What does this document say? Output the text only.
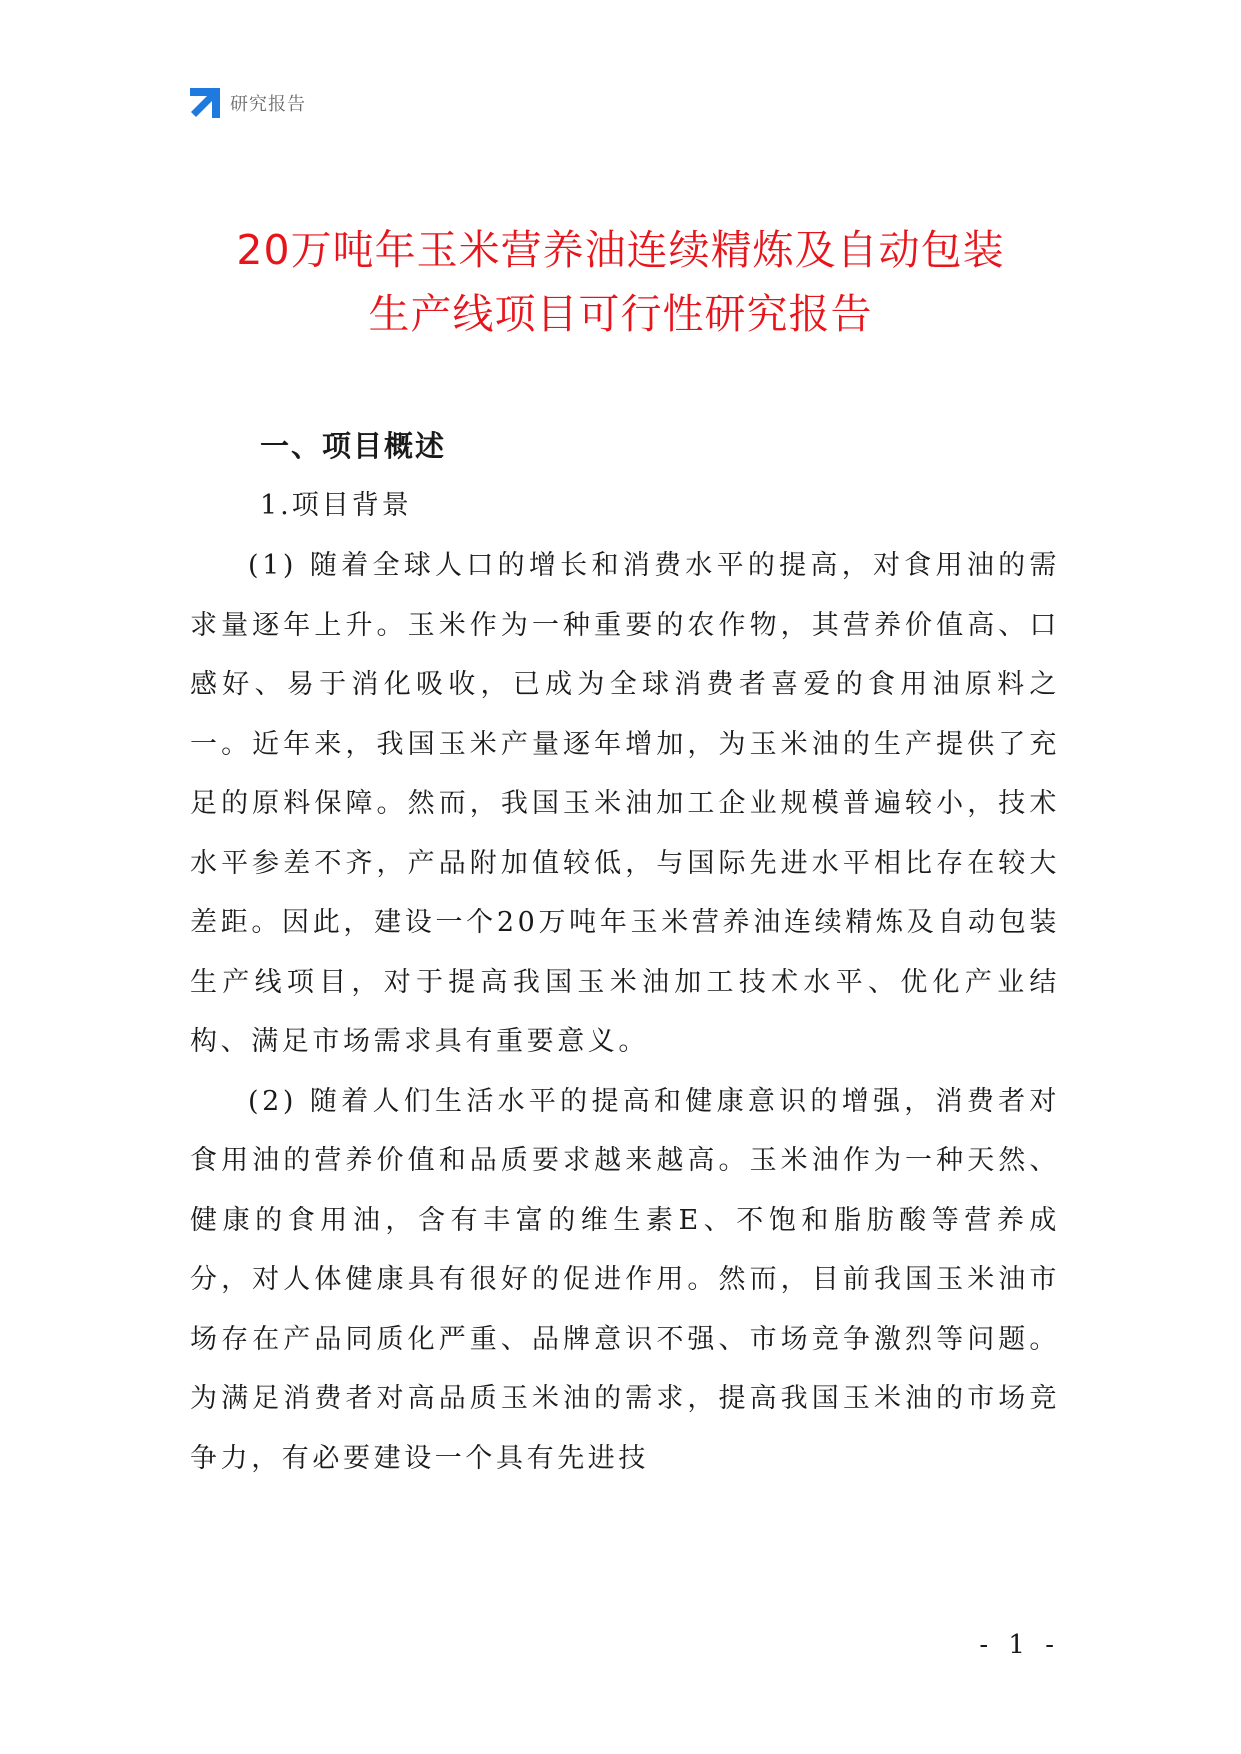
研究报告
20万吨年玉米营养油连续精炼及自动包装
生产线项目可行性研究报告

一、项目概述

1.项目背景

(1) 随着全球人口的增长和消费水平的提高，对食用油的需求量逐年上升。玉米作为一种重要的农作物，其营养价值高、口感好、易于消化吸收，已成为全球消费者喜爱的食用油原料之一。近年来，我国玉米产量逐年增加，为玉米油的生产提供了充足的原料保障。然而，我国玉米油加工企业规模普遍较小，技术水平参差不齐，产品附加值较低，与国际先进水平相比存在较大差距。因此，建设一个20万吨年玉米营养油连续精炼及自动包装生产线项目，对于提高我国玉米油加工技术水平、优化产业结构、满足市场需求具有重要意义。

(2) 随着人们生活水平的提高和健康意识的增强，消费者对食用油的营养价值和品质要求越来越高。玉米油作为一种天然、健康的食用油，含有丰富的维生素E、不饱和脂肪酸等营养成分，对人体健康具有很好的促进作用。然而，目前我国玉米油市场存在产品同质化严重、品牌意识不强、市场竞争激烈等问题。为满足消费者对高品质玉米油的需求，提高我国玉米油的市场竞争力，有必要建设一个具有先进技

- 1 -
